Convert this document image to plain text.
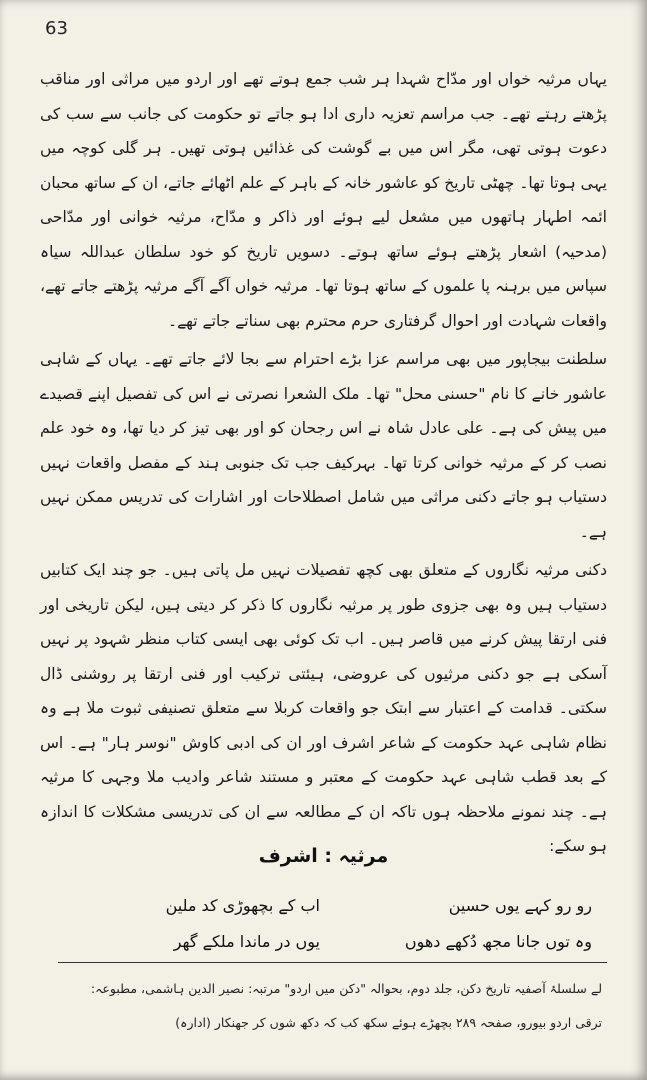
63

یہاں مرثیہ خواں اور مدّاح شہدا ہر شب جمع ہوتے تھے اور اردو میں مراثی اور مناقب پڑھتے رہتے تھے۔ جب مراسم تعزیہ داری ادا ہو جاتے تو حکومت کی جانب سے سب کی دعوت ہوتی تھی، مگر اس میں بے گوشت کی غذائیں ہوتی تھیں۔ ہر گلی کوچہ میں یہی ہوتا تھا۔ چھٹی تاریخ کو عاشور خانہ کے باہر کے علم اٹھائے جاتے، ان کے ساتھ محبان ائمہ اطہار ہاتھوں میں مشعل لیے ہوئے اور ذاکر و مدّاح، مرثیہ خوانی اور مدّاحی (مدحیہ) اشعار پڑھتے ہوئے ساتھ ہوتے۔ دسویں تاریخ کو خود سلطان عبداللہ سیاہ سپاس میں برہنہ پا علموں کے ساتھ ہوتا تھا۔ مرثیہ خواں آگے آگے مرثیہ پڑھتے جاتے تھے، واقعات شہادت اور احوال گرفتاری حرم محترم بھی سناتے جاتے تھے۔

سلطنت بیجاپور میں بھی مراسم عزا بڑے احترام سے بجا لائے جاتے تھے۔ یہاں کے شاہی عاشور خانے کا نام "حسنی محل" تھا۔ ملک الشعرا نصرتی نے اس کی تفصیل اپنے قصیدے میں پیش کی ہے۔ علی عادل شاہ نے اس رجحان کو اور بھی تیز کر دیا تھا، وہ خود علم نصب کر کے مرثیہ خوانی کرتا تھا۔ بہرکیف جب تک جنوبی ہند کے مفصل واقعات نہیں دستیاب ہو جاتے دکنی مراثی میں شامل اصطلاحات اور اشارات کی تدریس ممکن نہیں ہے۔

دکنی مرثیہ نگاروں کے متعلق بھی کچھ تفصیلات نہیں مل پاتی ہیں۔ جو چند ایک کتابیں دستیاب ہیں وہ بھی جزوی طور پر مرثیہ نگاروں کا ذکر کر دیتی ہیں، لیکن تاریخی اور فنی ارتقا پیش کرنے میں قاصر ہیں۔ اب تک کوئی بھی ایسی کتاب منظر شہود پر نہیں آسکی ہے جو دکنی مرثیوں کی عروضی، ہیئتی ترکیب اور فنی ارتقا پر روشنی ڈال سکتی۔ قدامت کے اعتبار سے ابتک جو واقعات کربلا سے متعلق تصنیفی ثبوت ملا ہے وہ نظام شاہی عہد حکومت کے شاعر اشرف اور ان کی ادبی کاوش "نوسر ہار" ہے۔ اس کے بعد قطب شاہی عہد حکومت کے معتبر و مستند شاعر وادیب ملا وجہی کا مرثیہ ہے۔ چند نمونے ملاحظہ ہوں تاکہ ان کے مطالعہ سے ان کی تدریسی مشکلات کا اندازہ ہو سکے:

مرثیہ : اشرف
رو رو کہے یوں حسین
وہ توں جانا مجھ دُکھے دھوں
اب کے بچھوڑی کد ملین
یوں در ماندا ملکے گھر
لے سلسلۂ آصفیہ تاریخ دکن، جلد دوم، بحوالہ "دکن میں اردو" مرتبہ: نصیر الدین ہاشمی، مطبوعہ:
ترقی اردو بیورو، صفحہ ۲۸۹ بچھڑے ہوئے سکھ کب کہ دکھ شوں کر جھنکار (ادارہ)
